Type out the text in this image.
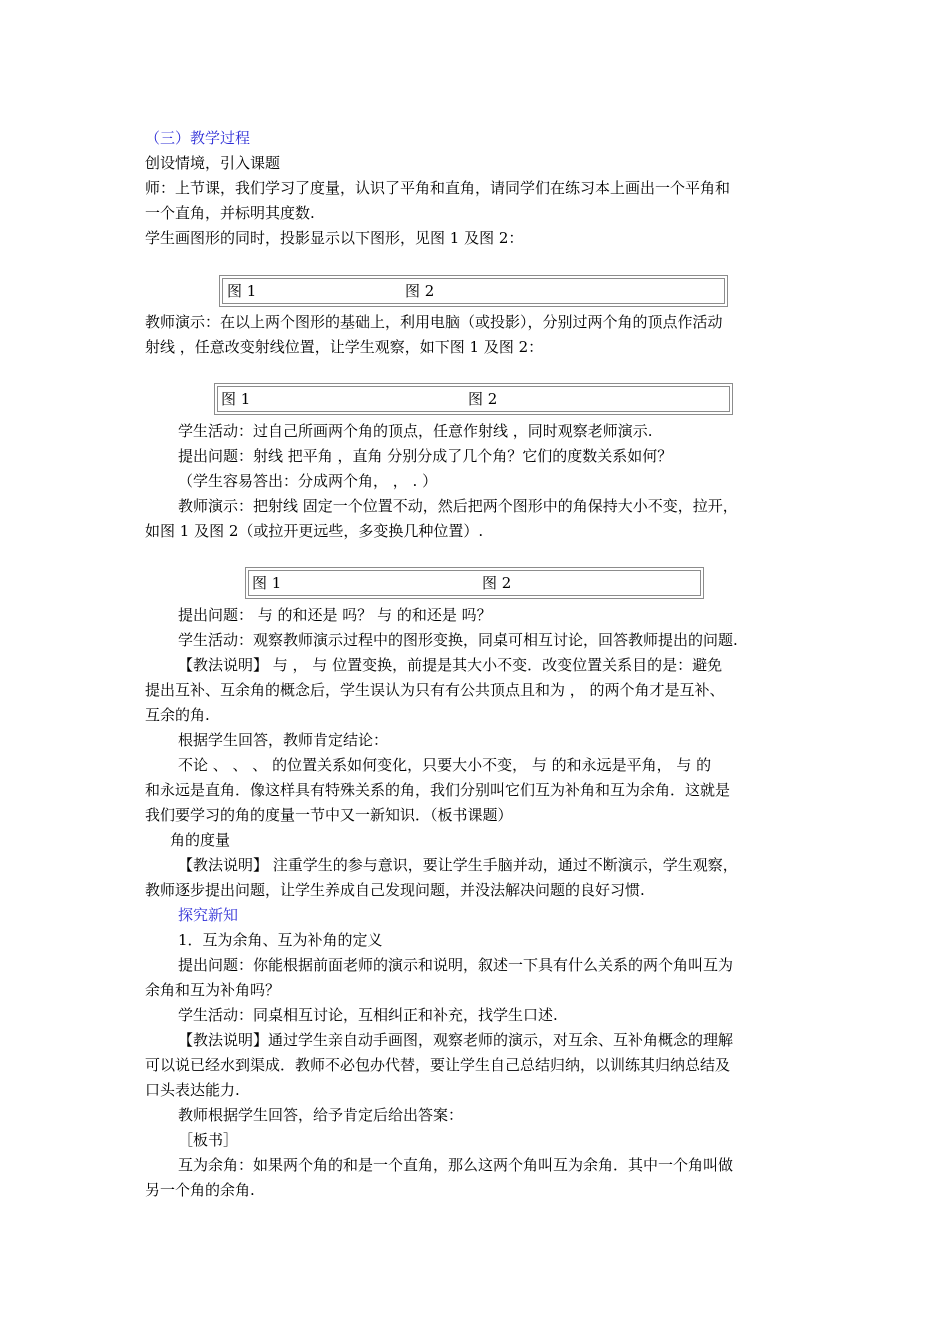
（三）教学过程
创设情境，引入课题
师：上节课，我们学习了度量，认识了平角和直角，请同学们在练习本上画出一个平角和
一个直角，并标明其度数.
学生画图形的同时，投影显示以下图形，见图 1 及图 2：
图 1	图 2
教师演示：在以上两个图形的基础上，利用电脑（或投影），分别过两个角的顶点作活动
射线 ，任意改变射线位置，让学生观察，如下图 1 及图 2：
图 1	图 2
学生活动：过自己所画两个角的顶点，任意作射线 ，同时观察老师演示.
提出问题：射线 把平角 ，直角 分别分成了几个角？它们的度数关系如何？
（学生容易答出：分成两个角， ， . ）
教师演示：把射线 固定一个位置不动，然后把两个图形中的角保持大小不变，拉开，
如图 1 及图 2（或拉开更远些，多变换几种位置）.
图 1	图 2
提出问题： 与 的和还是 吗？ 与 的和还是 吗？
学生活动：观察教师演示过程中的图形变换，同桌可相互讨论，回答教师提出的问题.
【教法说明】 与 ， 与 位置变换，前提是其大小不变．改变位置关系目的是：避免
提出互补、互余角的概念后，学生误认为只有有公共顶点且和为 ， 的两个角才是互补、
互余的角.
根据学生回答，教师肯定结论：
不论 、 、 、 的位置关系如何变化，只要大小不变， 与 的和永远是平角， 与 的
和永远是直角．像这样具有特殊关系的角，我们分别叫它们互为补角和互为余角．这就是
我们要学习的角的度量一节中又一新知识．（板书课题）
角的度量
【教法说明】 注重学生的参与意识，要让学生手脑并动，通过不断演示，学生观察，
教师逐步提出问题，让学生养成自己发现问题，并没法解决问题的良好习惯.
探究新知
1．互为余角、互为补角的定义
提出问题：你能根据前面老师的演示和说明，叙述一下具有什么关系的两个角叫互为
余角和互为补角吗？
学生活动：同桌相互讨论，互相纠正和补充，找学生口述.
【教法说明】通过学生亲自动手画图，观察老师的演示，对互余、互补角概念的理解
可以说已经水到渠成．教师不必包办代替，要让学生自己总结归纳，以训练其归纳总结及
口头表达能力.
教师根据学生回答，给予肯定后给出答案：
［板书］
互为余角：如果两个角的和是一个直角，那么这两个角叫互为余角．其中一个角叫做
另一个角的余角.
